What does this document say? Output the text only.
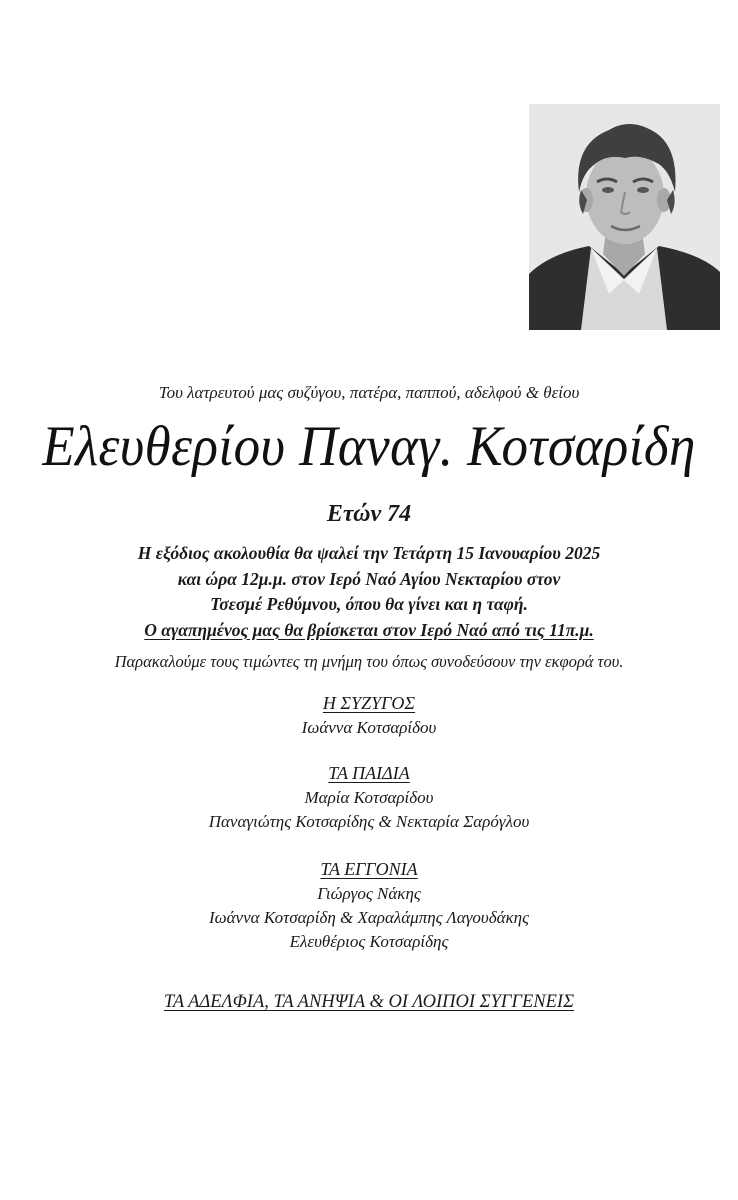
Του λατρευτού μας συζύγου, πατέρα, παππού, αδελφού & θείου
Ελευθερίου Παναγ. Κοτσαρίδη
Ετών 74
Η εξόδιος ακολουθία θα ψαλεί την Τετάρτη 15 Ιανουαρίου 2025
και ώρα 12μ.μ. στον Ιερό Ναό Αγίου Νεκταρίου στον
Τσεσμέ Ρεθύμνου, όπου θα γίνει και η ταφή.
Ο αγαπημένος μας θα βρίσκεται στον Ιερό Ναό από τις 11π.μ.
Παρακαλούμε τους τιμώντες τη μνήμη του όπως συνοδεύσουν την εκφορά του.
Η ΣΥΖΥΓΟΣ
Ιωάννα Κοτσαρίδου
ΤΑ ΠΑΙΔΙΑ
Μαρία Κοτσαρίδου
Παναγιώτης Κοτσαρίδης & Νεκταρία Σαρόγλου
ΤΑ ΕΓΓΟΝΙΑ
Γιώργος Νάκης
Ιωάννα Κοτσαρίδη & Χαραλάμπης Λαγουδάκης
Ελευθέριος Κοτσαρίδης
ΤΑ ΑΔΕΛΦΙΑ, ΤΑ ΑΝΗΨΙΑ & ΟΙ ΛΟΙΠΟΙ ΣΥΓΓΕΝΕΙΣ
